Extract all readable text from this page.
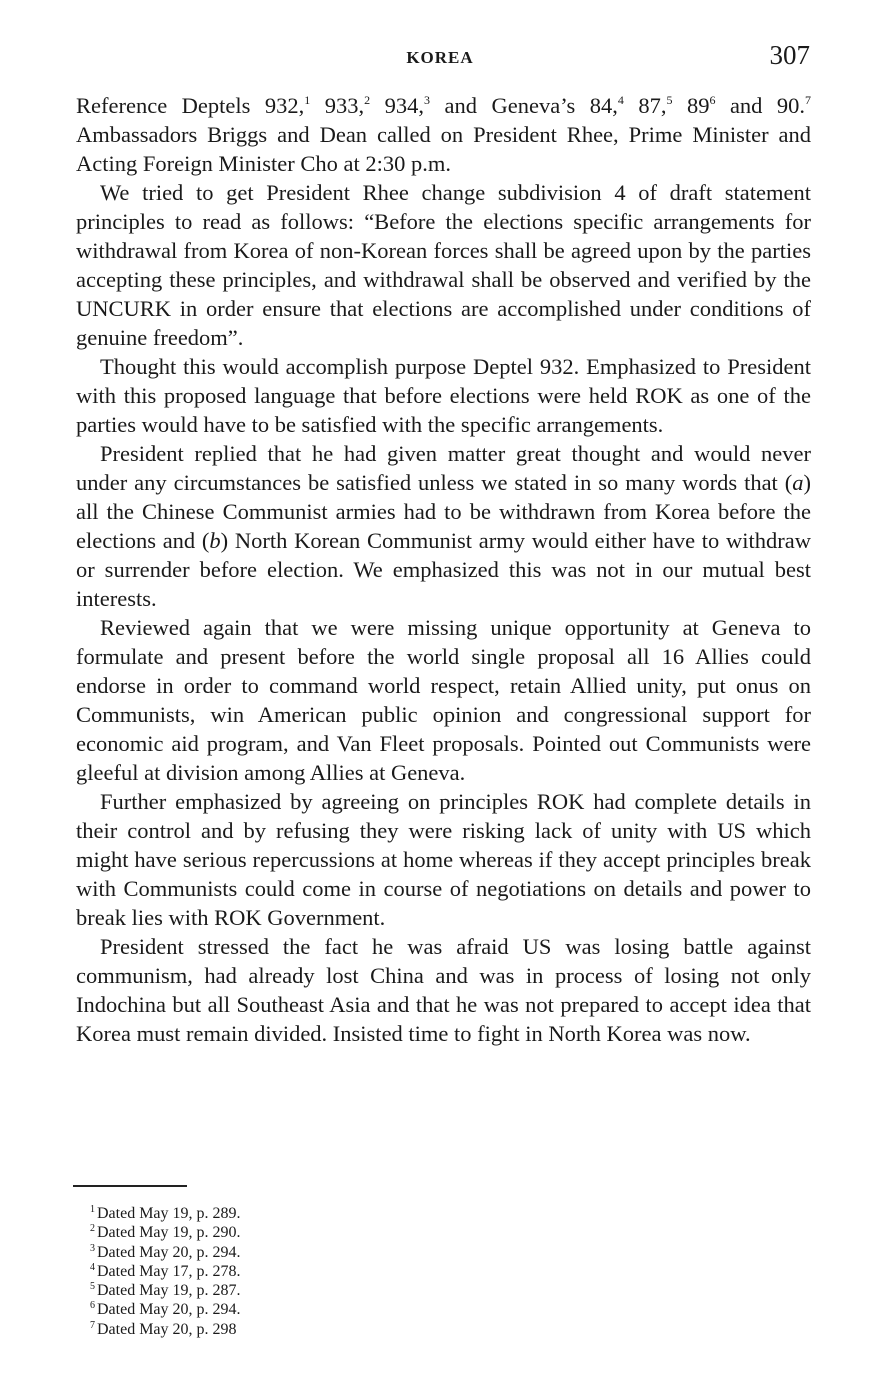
KOREA	307

Reference Deptels 932,$^1$ 933,$^2$ 934,$^3$ and Geneva’s 84,$^4$ 87,$^5$ $89^6$ and 90.$^7$ Ambassadors Briggs and Dean called on President Rhee, Prime Minister and Acting Foreign Minister Cho at 2:30 p.m.

We tried to get President Rhee change subdivision 4 of draft statement principles to read as follows: “Before the elections specific arrangements for withdrawal from Korea of non-Korean forces shall be agreed upon by the parties accepting these principles, and withdrawal shall be observed and verified by the UNCURK in order ensure that elections are accomplished under conditions of genuine freedom”.

Thought this would accomplish purpose Deptel 932. Emphasized to President with this proposed language that before elections were held ROK as one of the parties would have to be satisfied with the specific arrangements.

President replied that he had given matter great thought and would never under any circumstances be satisfied unless we stated in so many words that (a) all the Chinese Communist armies had to be withdrawn from Korea before the elections and (b) North Korean Communist army would either have to withdraw or surrender before election. We emphasized this was not in our mutual best interests.

Reviewed again that we were missing unique opportunity at Geneva to formulate and present before the world single proposal all 16 Allies could endorse in order to command world respect, retain Allied unity, put onus on Communists, win American public opinion and congressional support for economic aid program, and Van Fleet proposals. Pointed out Communists were gleeful at division among Allies at Geneva.

Further emphasized by agreeing on principles ROK had complete details in their control and by refusing they were risking lack of unity with US which might have serious repercussions at home whereas if they accept principles break with Communists could come in course of negotiations on details and power to break lies with ROK Government.

President stressed the fact he was afraid US was losing battle against communism, had already lost China and was in process of losing not only Indochina but all Southeast Asia and that he was not prepared to accept idea that Korea must remain divided. Insisted time to fight in North Korea was now.

$^1$ Dated May 19, p. 289.

$^2$ Dated May 19, p. 290.

$^3$ Dated May 20, p. 294.

$^4$ Dated May 17, p. 278.

$^5$ Dated May 19, p. 287.

$^6$ Dated May 20, p. 294.

$^7$ Dated May 20, p. 298
